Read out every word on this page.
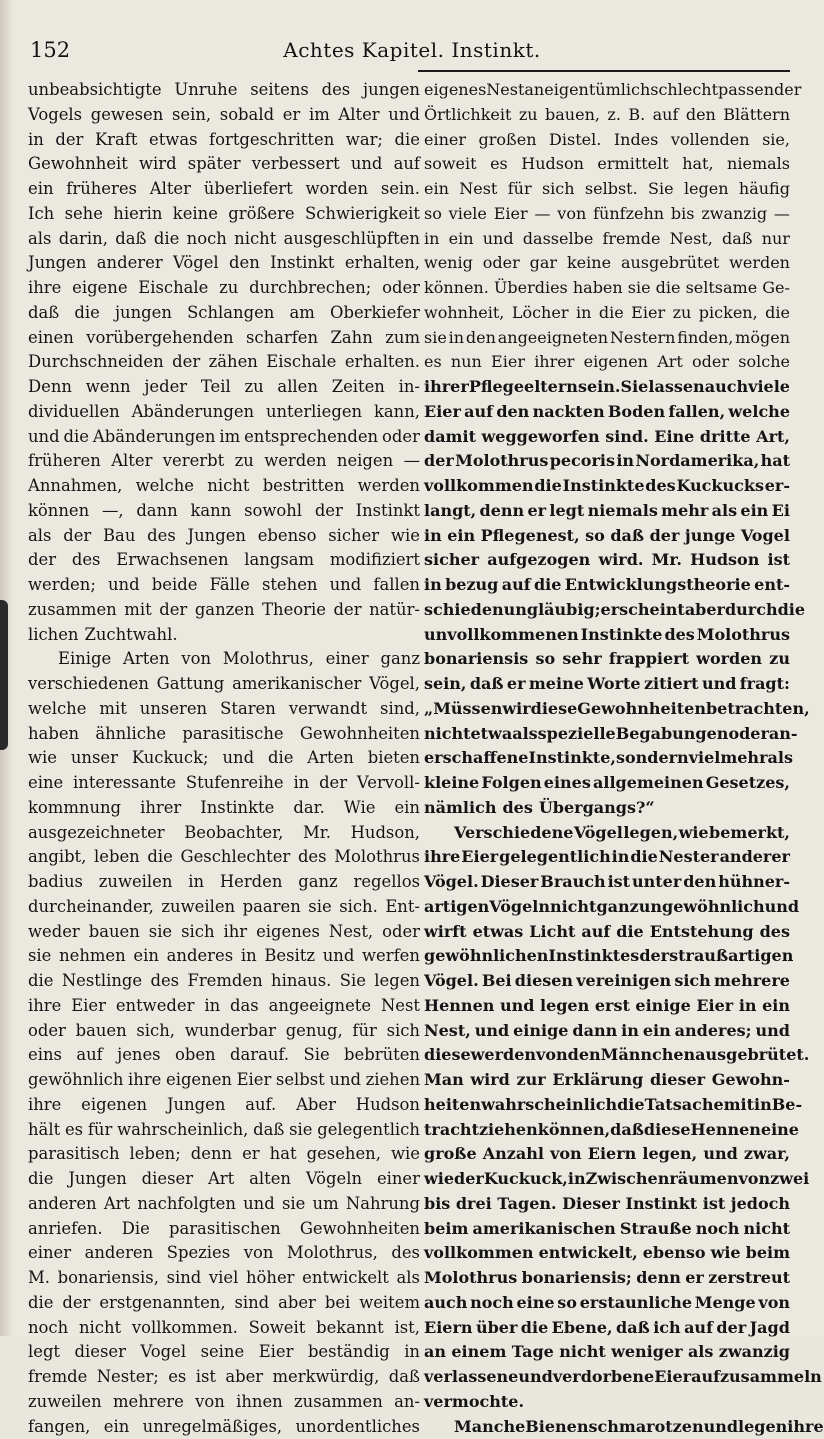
152	Achtes Kapitel. Instinkt.
unbeabsichtigte Unruhe seitens des jungen
Vogels gewesen sein, sobald er im Alter und
in der Kraft etwas fortgeschritten war; die
Gewohnheit wird später verbessert und auf
ein früheres Alter überliefert worden sein.
Ich sehe hierin keine größere Schwierigkeit
als darin, daß die noch nicht ausgeschlüpften
Jungen anderer Vögel den Instinkt erhalten,
ihre eigene Eischale zu durchbrechen; oder
daß die jungen Schlangen am Oberkiefer
einen vorübergehenden scharfen Zahn zum
Durchschneiden der zähen Eischale erhalten.
Denn wenn jeder Teil zu allen Zeiten in-
dividuellen Abänderungen unterliegen kann,
und die Abänderungen im entsprechenden oder
früheren Alter vererbt zu werden neigen —
Annahmen, welche nicht bestritten werden
können —, dann kann sowohl der Instinkt
als der Bau des Jungen ebenso sicher wie
der des Erwachsenen langsam modifiziert
werden; und beide Fälle stehen und fallen
zusammen mit der ganzen Theorie der natür-
lichen Zuchtwahl.
Einige Arten von Molothrus, einer ganz
verschiedenen Gattung amerikanischer Vögel,
welche mit unseren Staren verwandt sind,
haben ähnliche parasitische Gewohnheiten
wie unser Kuckuck; und die Arten bieten
eine interessante Stufenreihe in der Vervoll-
kommnung ihrer Instinkte dar. Wie ein
ausgezeichneter Beobachter, Mr. Hudson,
angibt, leben die Geschlechter des Molothrus
badius zuweilen in Herden ganz regellos
durcheinander, zuweilen paaren sie sich. Ent-
weder bauen sie sich ihr eigenes Nest, oder
sie nehmen ein anderes in Besitz und werfen
die Nestlinge des Fremden hinaus. Sie legen
ihre Eier entweder in das angeeignete Nest
oder bauen sich, wunderbar genug, für sich
eins auf jenes oben darauf. Sie bebrüten
gewöhnlich ihre eigenen Eier selbst und ziehen
ihre eigenen Jungen auf. Aber Hudson
hält es für wahrscheinlich, daß sie gelegentlich
parasitisch leben; denn er hat gesehen, wie
die Jungen dieser Art alten Vögeln einer
anderen Art nachfolgten und sie um Nahrung
anriefen. Die parasitischen Gewohnheiten
einer anderen Spezies von Molothrus, des
M. bonariensis, sind viel höher entwickelt als
die der erstgenannten, sind aber bei weitem
noch nicht vollkommen. Soweit bekannt ist,
legt dieser Vogel seine Eier beständig in
fremde Nester; es ist aber merkwürdig, daß
zuweilen mehrere von ihnen zusammen an-
fangen, ein unregelmäßiges, unordentliches
eigenes Nest an eigentümlich schlecht passender
Örtlichkeit zu bauen, z. B. auf den Blättern
einer großen Distel. Indes vollenden sie,
soweit es Hudson ermittelt hat, niemals
ein Nest für sich selbst. Sie legen häufig
so viele Eier — von fünfzehn bis zwanzig —
in ein und dasselbe fremde Nest, daß nur
wenig oder gar keine ausgebrütet werden
können. Überdies haben sie die seltsame Ge-
wohnheit, Löcher in die Eier zu picken, die
sie in den angeeigneten Nestern finden, mögen
es nun Eier ihrer eigenen Art oder solche
ihrer Pflegeeltern sein. Sie lassen auch viele
Eier auf den nackten Boden fallen, welche
damit weggeworfen sind. Eine dritte Art,
der Molothrus pecoris in Nordamerika, hat
vollkommen die Instinkte des Kuckucks er-
langt, denn er legt niemals mehr als ein Ei
in ein Pflegenest, so daß der junge Vogel
sicher aufgezogen wird. Mr. Hudson ist
in bezug auf die Entwicklungstheorie ent-
schieden ungläubig; er scheint aber durch die
unvollkommenen Instinkte des Molothrus
bonariensis so sehr frappiert worden zu
sein, daß er meine Worte zitiert und fragt:
„Müssen wir diese Gewohnheiten betrachten,
nicht etwa als spezielle Begabungen oder an-
erschaffene Instinkte, sondern vielmehr als
kleine Folgen eines allgemeinen Gesetzes,
nämlich des Übergangs?“
Verschiedene Vögel legen, wie bemerkt,
ihre Eier gelegentlich in die Nester anderer
Vögel. Dieser Brauch ist unter den hühner-
artigen Vögeln nicht ganz ungewöhnlich und
wirft etwas Licht auf die Entstehung des
gewöhnlichen Instinktes der straußartigen
Vögel. Bei diesen vereinigen sich mehrere
Hennen und legen erst einige Eier in ein
Nest, und einige dann in ein anderes; und
diese werden von den Männchen ausgebrütet.
Man wird zur Erklärung dieser Gewohn-
heiten wahrscheinlich die Tatsache mit in Be-
tracht ziehen können, daß diese Hennen eine
große Anzahl von Eiern legen, und zwar,
wie der Kuckuck, in Zwischenräumen von zwei
bis drei Tagen. Dieser Instinkt ist jedoch
beim amerikanischen Strauße noch nicht
vollkommen entwickelt, ebenso wie beim
Molothrus bonariensis; denn er zerstreut
auch noch eine so erstaunliche Menge von
Eiern über die Ebene, daß ich auf der Jagd
an einem Tage nicht weniger als zwanzig
verlassene und verdorbene Eier aufzusammeln
vermochte.
Manche Bienen schmarotzen und legen ihre
